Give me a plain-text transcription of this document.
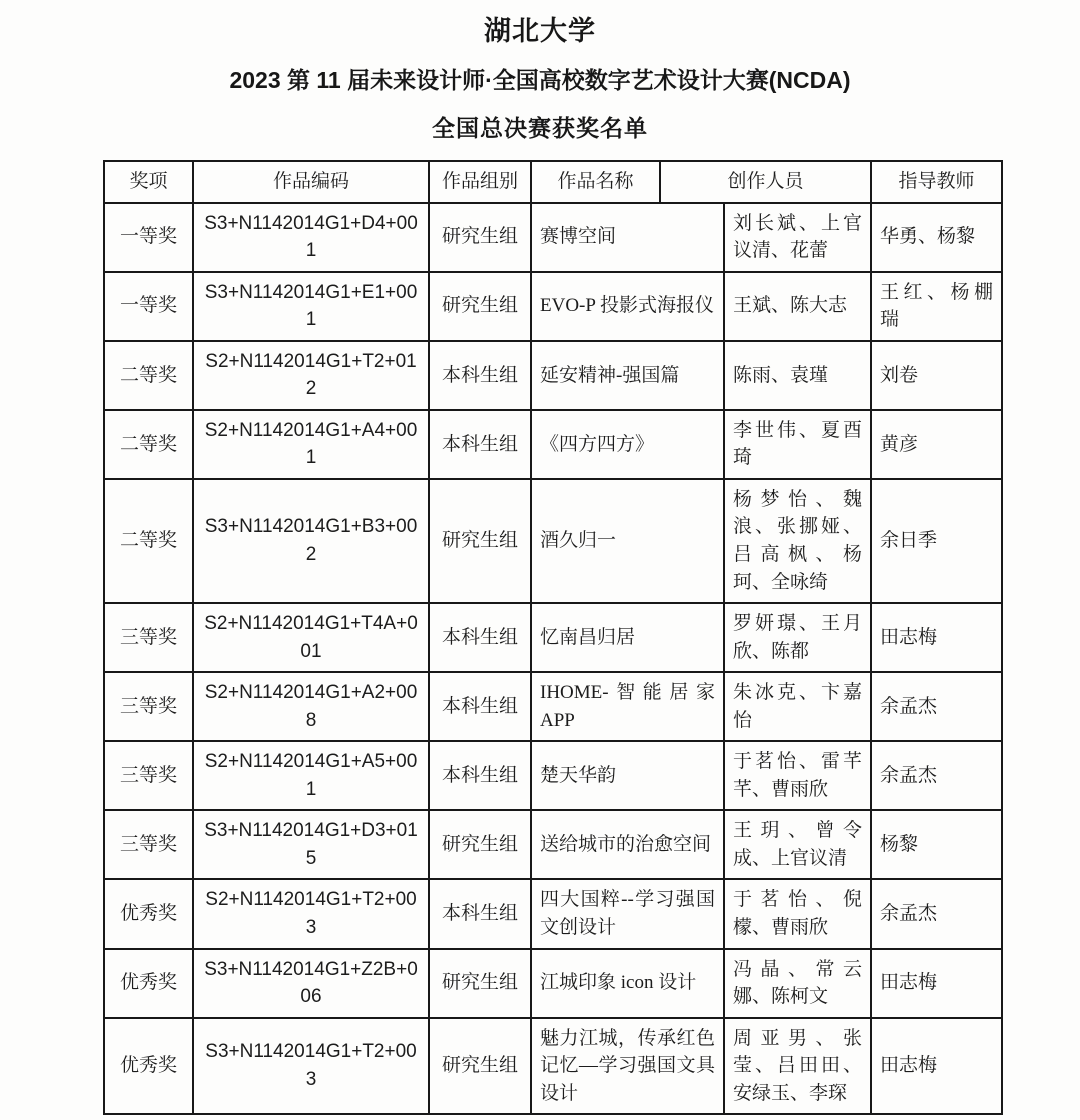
湖北大学
2023 第 11 届未来设计师·全国高校数字艺术设计大赛(NCDA)
全国总决赛获奖名单
奖项	作品编码	作品组别	作品名称	创作人员		指导教师
一等奖	S3+N1142014G1+D4+001	研究生组	赛博空间		刘长斌、上官议清、花蕾	华勇、杨黎
一等奖	S3+N1142014G1+E1+001	研究生组	EVO-P 投影式海报仪		王斌、陈大志	王红、杨棚瑞
二等奖	S2+N1142014G1+T2+012	本科生组	延安精神-强国篇		陈雨、袁瑾	刘卷
二等奖	S2+N1142014G1+A4+001	本科生组	《四方四方》		李世伟、夏酉琦	黄彦
二等奖	S3+N1142014G1+B3+002	研究生组	酒久归一		杨梦怡、魏浪、张挪娅、吕高枫、杨珂、全咏绮	余日季
三等奖	S2+N1142014G1+T4A+001	本科生组	忆南昌归居		罗妍璟、王月欣、陈都	田志梅
三等奖	S2+N1142014G1+A2+008	本科生组	IHOME-智能居家 APP		朱冰克、卞嘉怡	余孟杰
三等奖	S2+N1142014G1+A5+001	本科生组	楚天华韵		于茗怡、雷芊芊、曹雨欣	余孟杰
三等奖	S3+N1142014G1+D3+015	研究生组	送给城市的治愈空间		王玥、曾令成、上官议清	杨黎
优秀奖	S2+N1142014G1+T2+003	本科生组	四大国粹--学习强国文创设计		于茗怡、倪檬、曹雨欣	余孟杰
优秀奖	S3+N1142014G1+Z2B+006	研究生组	江城印象 icon 设计		冯晶、常云娜、陈柯文	田志梅
优秀奖	S3+N1142014G1+T2+003	研究生组	魅力江城，传承红色记忆—学习强国文具设计		周亚男、张莹、吕田田、安绿玉、李琛	田志梅
